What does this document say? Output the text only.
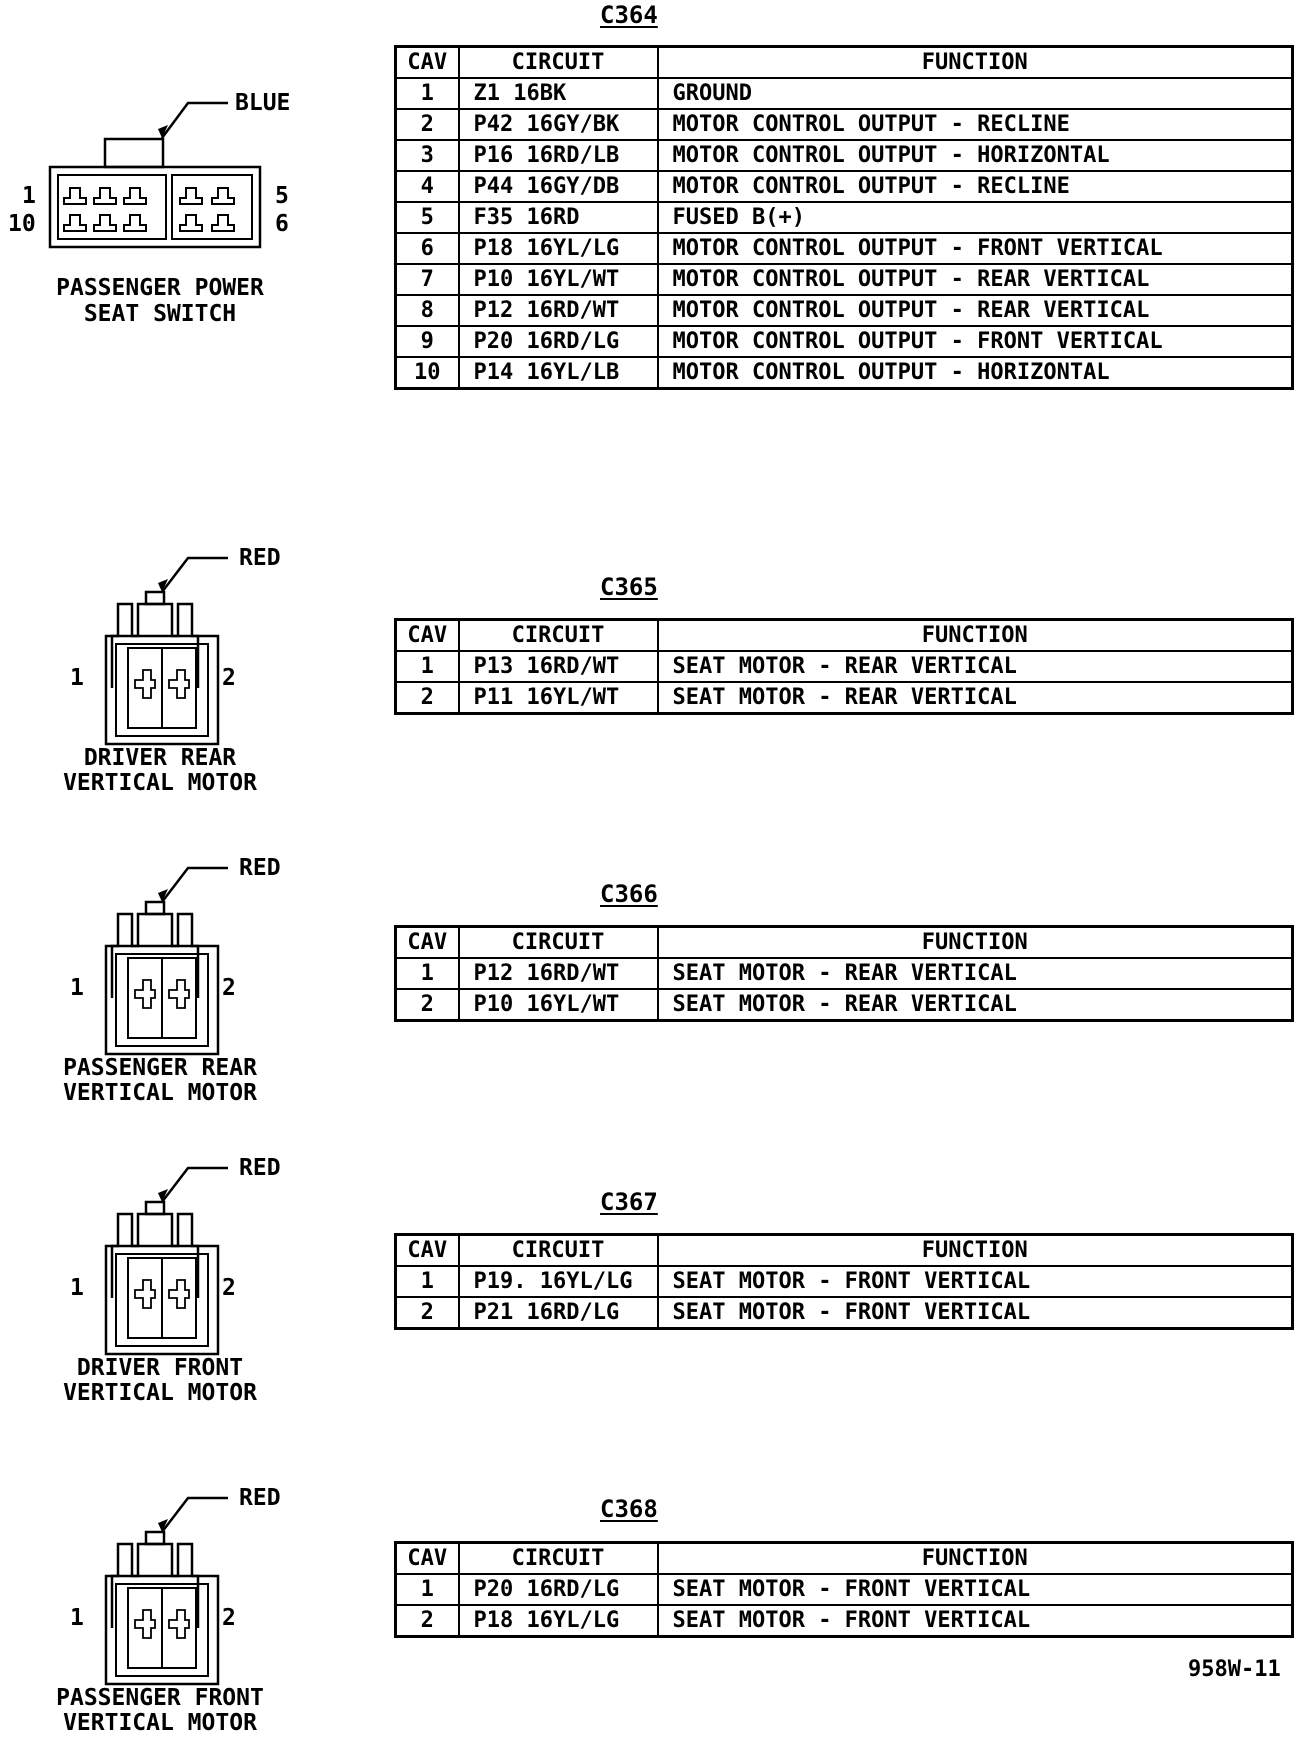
BLUE
1
10
5
6
PASSENGER POWER
SEAT SWITCH
C364
CAV	CIRCUIT	FUNCTION
1	Z1 16BK	GROUND
2	P42 16GY/BK	MOTOR CONTROL OUTPUT - RECLINE
3	P16 16RD/LB	MOTOR CONTROL OUTPUT - HORIZONTAL
4	P44 16GY/DB	MOTOR CONTROL OUTPUT - RECLINE
5	F35 16RD	FUSED B(+)
6	P18 16YL/LG	MOTOR CONTROL OUTPUT - FRONT VERTICAL
7	P10 16YL/WT	MOTOR CONTROL OUTPUT - REAR VERTICAL
8	P12 16RD/WT	MOTOR CONTROL OUTPUT - REAR VERTICAL
9	P20 16RD/LG	MOTOR CONTROL OUTPUT - FRONT VERTICAL
10	P14 16YL/LB	MOTOR CONTROL OUTPUT - HORIZONTAL
RED
1	2
DRIVER REAR
VERTICAL MOTOR
C365
CAV	CIRCUIT	FUNCTION
1	P13 16RD/WT	SEAT MOTOR - REAR VERTICAL
2	P11 16YL/WT	SEAT MOTOR - REAR VERTICAL
RED
1	2
PASSENGER REAR
VERTICAL MOTOR
C366
CAV	CIRCUIT	FUNCTION
1	P12 16RD/WT	SEAT MOTOR - REAR VERTICAL
2	P10 16YL/WT	SEAT MOTOR - REAR VERTICAL
RED
1	2
DRIVER FRONT
VERTICAL MOTOR
C367
CAV	CIRCUIT	FUNCTION
1	P19. 16YL/LG	SEAT MOTOR - FRONT VERTICAL
2	P21 16RD/LG	SEAT MOTOR - FRONT VERTICAL
RED
1	2
PASSENGER FRONT
VERTICAL MOTOR
C368
CAV	CIRCUIT	FUNCTION
1	P20 16RD/LG	SEAT MOTOR - FRONT VERTICAL
2	P18 16YL/LG	SEAT MOTOR - FRONT VERTICAL
958W-11
